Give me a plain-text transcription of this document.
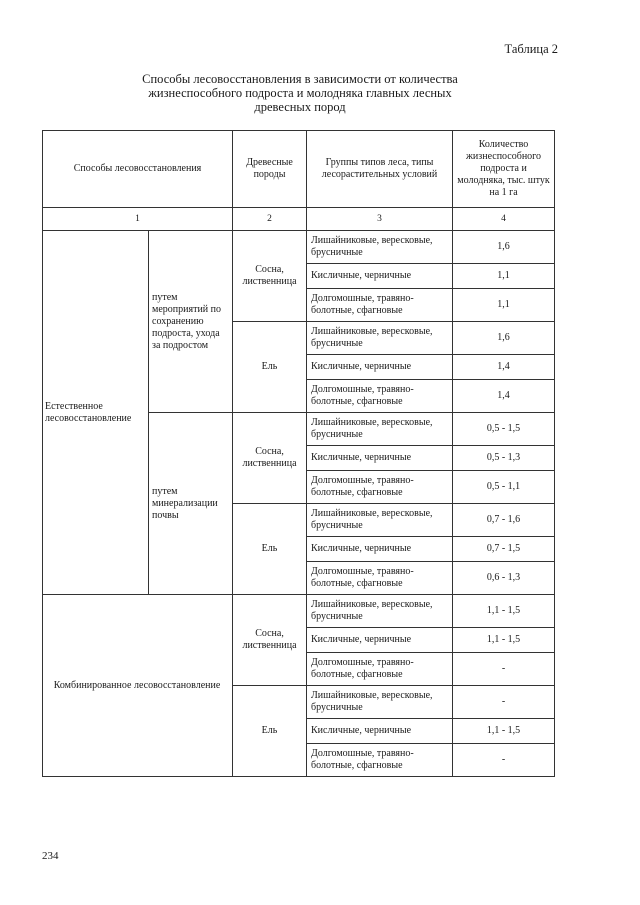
Таблица 2
Способы лесовосстановления в зависимости от количества
жизнеспособного подроста и молодняка главных лесных
древесных пород
Способы лесовосстановления		Древесные породы	Группы типов леса, типы лесорастительных условий	Количество жизнеспособного подроста и молодняка, тыс. штук на 1 га
1		2	3	4
Естественное лесовосстановление	путем мероприятий по сохранению подроста, ухода за подростом	Сосна, лиственница	Лишайниковые, вересковые, брусничные	1,6
			Кисличные, черничные	1,1
			Долгомошные, травяно-болотные, сфагновые	1,1
		Ель	Лишайниковые, вересковые, брусничные	1,6
			Кисличные, черничные	1,4
			Долгомошные, травяно-болотные, сфагновые	1,4
	путем минерализации почвы	Сосна, лиственница	Лишайниковые, вересковые, брусничные	0,5 - 1,5
			Кисличные, черничные	0,5 - 1,3
			Долгомошные, травяно-болотные, сфагновые	0,5 - 1,1
		Ель	Лишайниковые, вересковые, брусничные	0,7 - 1,6
			Кисличные, черничные	0,7 - 1,5
			Долгомошные, травяно-болотные, сфагновые	0,6 - 1,3
Комбинированное лесовосстановление		Сосна, лиственница	Лишайниковые, вересковые, брусничные	1,1 - 1,5
			Кисличные, черничные	1,1 - 1,5
			Долгомошные, травяно-болотные, сфагновые	-
		Ель	Лишайниковые, вересковые, брусничные	-
			Кисличные, черничные	1,1 - 1,5
			Долгомошные, травяно-болотные, сфагновые	-
234
